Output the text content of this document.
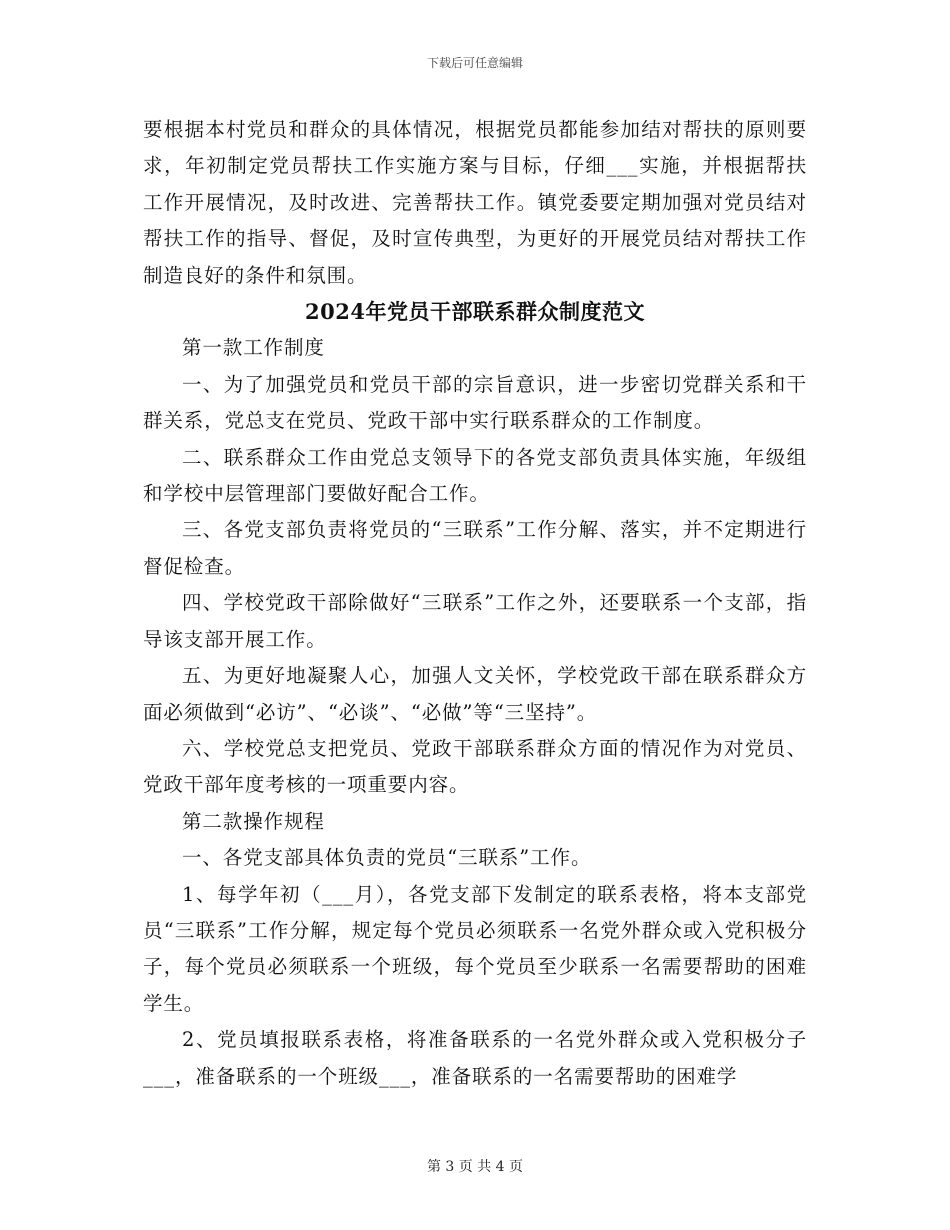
下载后可任意编辑

要根据本村党员和群众的具体情况，根据党员都能参加结对帮扶的原则要求，年初制定党员帮扶工作实施方案与目标，仔细___实施，并根据帮扶工作开展情况，及时改进、完善帮扶工作。镇党委要定期加强对党员结对帮扶工作的指导、督促，及时宣传典型，为更好的开展党员结对帮扶工作制造良好的条件和氛围。

2024年党员干部联系群众制度范文

第一款工作制度

一、为了加强党员和党员干部的宗旨意识，进一步密切党群关系和干群关系，党总支在党员、党政干部中实行联系群众的工作制度。

二、联系群众工作由党总支领导下的各党支部负责具体实施，年级组和学校中层管理部门要做好配合工作。

三、各党支部负责将党员的“三联系”工作分解、落实，并不定期进行督促检查。

四、学校党政干部除做好“三联系”工作之外，还要联系一个支部，指导该支部开展工作。

五、为更好地凝聚人心，加强人文关怀，学校党政干部在联系群众方面必须做到“必访”、“必谈”、“必做”等“三坚持”。

六、学校党总支把党员、党政干部联系群众方面的情况作为对党员、党政干部年度考核的一项重要内容。

第二款操作规程

一、各党支部具体负责的党员“三联系”工作。

1、每学年初（___月），各党支部下发制定的联系表格，将本支部党员“三联系”工作分解，规定每个党员必须联系一名党外群众或入党积极分子，每个党员必须联系一个班级，每个党员至少联系一名需要帮助的困难学生。

2、党员填报联系表格，将准备联系的一名党外群众或入党积极分子___，准备联系的一个班级___，准备联系的一名需要帮助的困难学

第 3 页 共 4 页
